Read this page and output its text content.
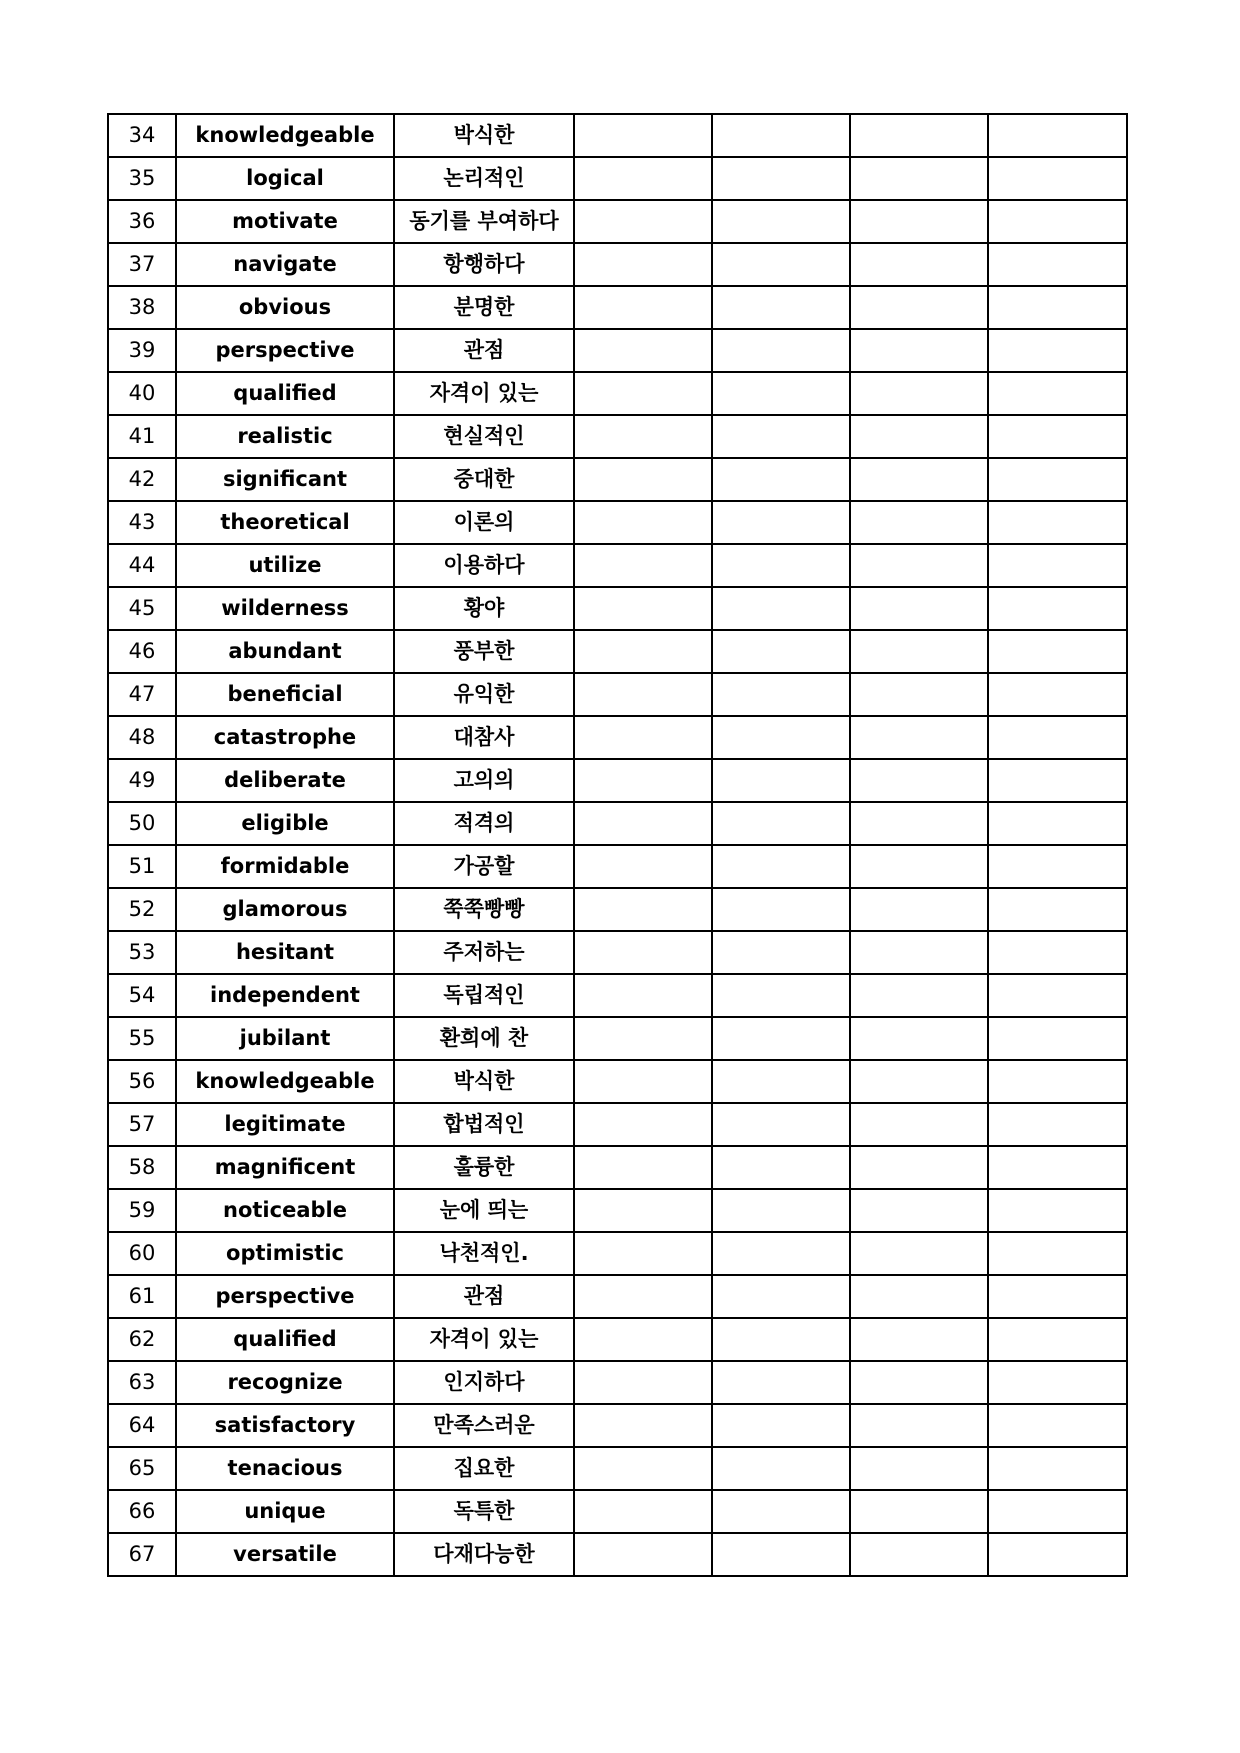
34	knowledgeable	박식한				
35	logical	논리적인				
36	motivate	동기를 부여하다				
37	navigate	항행하다				
38	obvious	분명한				
39	perspective	관점				
40	qualified	자격이 있는				
41	realistic	현실적인				
42	significant	중대한				
43	theoretical	이론의				
44	utilize	이용하다				
45	wilderness	황야				
46	abundant	풍부한				
47	beneficial	유익한				
48	catastrophe	대참사				
49	deliberate	고의의				
50	eligible	적격의				
51	formidable	가공할				
52	glamorous	쭉쭉빵빵				
53	hesitant	주저하는				
54	independent	독립적인				
55	jubilant	환희에 찬				
56	knowledgeable	박식한				
57	legitimate	합법적인				
58	magnificent	훌륭한				
59	noticeable	눈에 띄는				
60	optimistic	낙천적인.				
61	perspective	관점				
62	qualified	자격이 있는				
63	recognize	인지하다				
64	satisfactory	만족스러운				
65	tenacious	집요한				
66	unique	독특한				
67	versatile	다재다능한				
